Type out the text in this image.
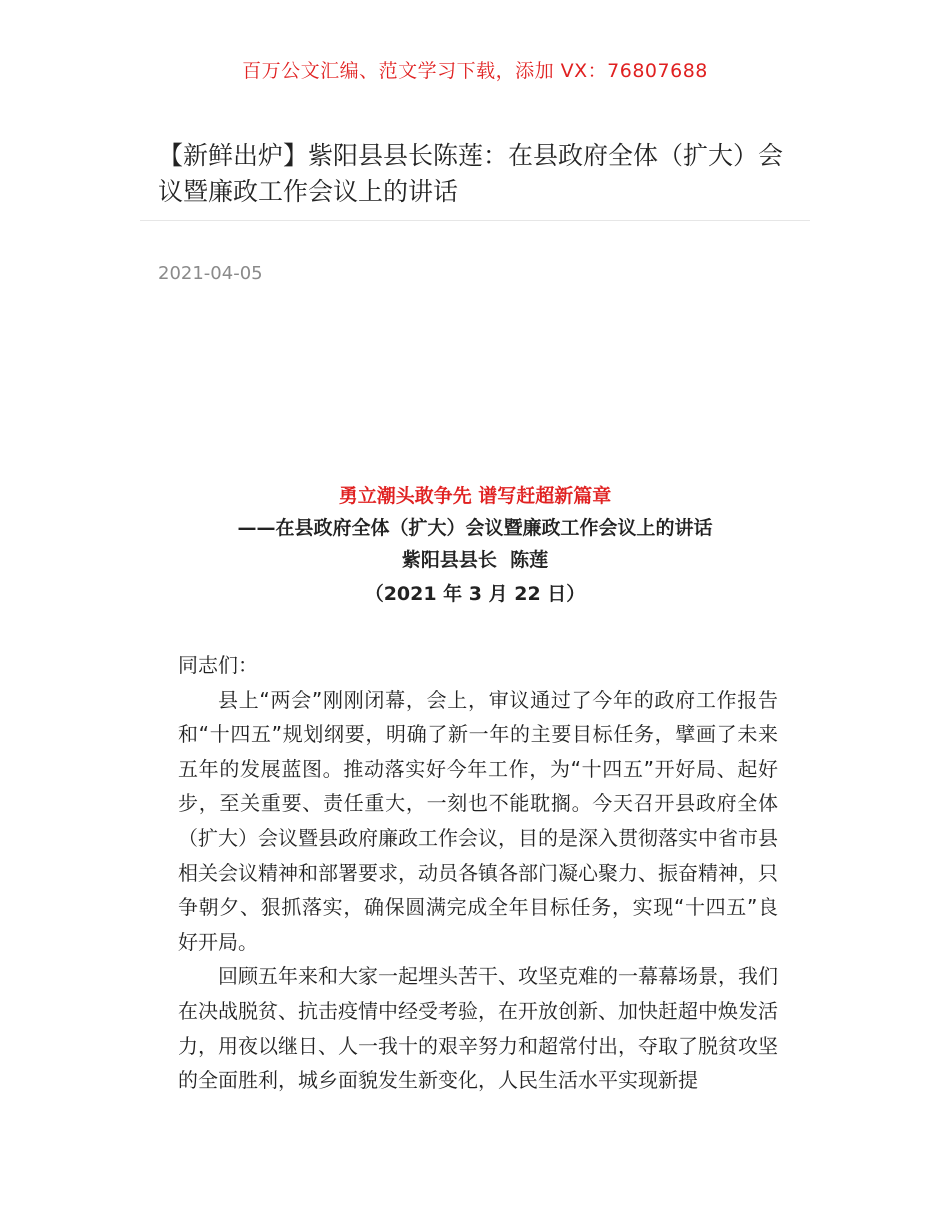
百万公文汇编、范文学习下载，添加 VX：76807688
【新鲜出炉】紫阳县县长陈莲：在县政府全体（扩大）会议暨廉政工作会议上的讲话
2021-04-05
勇立潮头敢争先 谱写赶超新篇章
——在县政府全体（扩大）会议暨廉政工作会议上的讲话
紫阳县县长 陈莲
（2021 年 3 月 22 日）

同志们：

县上“两会”刚刚闭幕，会上，审议通过了今年的政府工作报告和“十四五”规划纲要，明确了新一年的主要目标任务，擘画了未来五年的发展蓝图。推动落实好今年工作，为“十四五”开好局、起好步，至关重要、责任重大，一刻也不能耽搁。今天召开县政府全体（扩大）会议暨县政府廉政工作会议，目的是深入贯彻落实中省市县相关会议精神和部署要求，动员各镇各部门凝心聚力、振奋精神，只争朝夕、狠抓落实，确保圆满完成全年目标任务，实现“十四五”良好开局。

回顾五年来和大家一起埋头苦干、攻坚克难的一幕幕场景，我们在决战脱贫、抗击疫情中经受考验，在开放创新、加快赶超中焕发活力，用夜以继日、人一我十的艰辛努力和超常付出，夺取了脱贫攻坚的全面胜利，城乡面貌发生新变化，人民生活水平实现新提
